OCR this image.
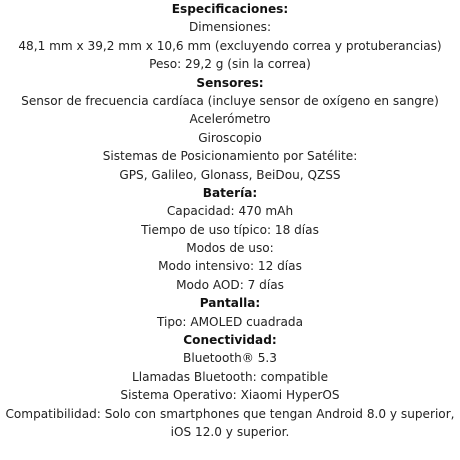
Especificaciones:
Dimensiones:
48,1 mm x 39,2 mm x 10,6 mm (excluyendo correa y protuberancias)
Peso: 29,2 g (sin la correa)
Sensores:
Sensor de frecuencia cardíaca (incluye sensor de oxígeno en sangre)
Acelerómetro
Giroscopio
Sistemas de Posicionamiento por Satélite:
GPS, Galileo, Glonass, BeiDou, QZSS
Batería:
Capacidad: 470 mAh
Tiempo de uso típico: 18 días
Modos de uso:
Modo intensivo: 12 días
Modo AOD: 7 días
Pantalla:
Tipo: AMOLED cuadrada
Conectividad:
Bluetooth® 5.3
Llamadas Bluetooth: compatible
Sistema Operativo: Xiaomi HyperOS
Compatibilidad: Solo con smartphones que tengan Android 8.0 y superior, iOS 12.0 y superior.
